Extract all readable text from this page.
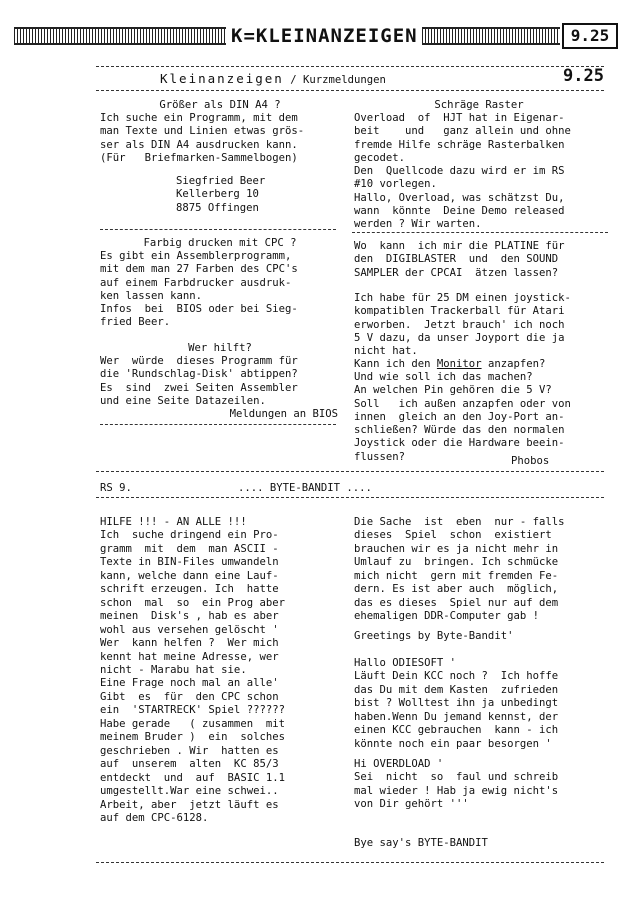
K=KLEINANZEIGEN	9.25
Kleinanzeigen / Kurzmeldungen	9.25
Größer als DIN A4 ?
Ich suche ein Programm, mit dem
man Texte und Linien etwas grös-
ser als DIN A4 ausdrucken kann.
(Für   Briefmarken-Sammelbogen)
Siegfried Beer
Kellerberg 10
8875 Offingen
Farbig drucken mit CPC ?
Es gibt ein Assemblerprogramm,
mit dem man 27 Farben des CPC's
auf einem Farbdrucker ausdruk-
ken lassen kann.
Infos  bei  BIOS oder bei Sieg-
fried Beer.
Wer hilft?
Wer  würde  dieses Programm für
die 'Rundschlag-Disk' abtippen?
Es  sind  zwei Seiten Assembler
und eine Seite Datazeilen.
Meldungen an BIOS
Schräge Raster
Overload  of  HJT hat in Eigenar-
beit    und   ganz allein und ohne
fremde Hilfe schräge Rasterbalken
gecodet.
Den  Quellcode dazu wird er im RS
#10 vorlegen.
Hallo, Overload, was schätzst Du,
wann  könnte  Deine Demo released
werden ? Wir warten.
Wo  kann  ich mir die PLATINE für
den  DIGIBLASTER  und  den SOUND
SAMPLER der CPCAI  ätzen lassen?
Ich habe für 25 DM einen joystick-
kompatiblen Trackerball für Atari
erworben.  Jetzt brauch' ich noch
5 V dazu, da unser Joyport die ja
nicht hat.
Kann ich den Monitor anzapfen?
Und wie soll ich das machen?
An welchen Pin gehören die 5 V?
Soll   ich außen anzapfen oder von
innen  gleich an den Joy-Port an-
schließen? Würde das den normalen
Joystick oder die Hardware beein-
flussen?	Phobos
RS 9.	.... BYTE-BANDIT ....
HILFE !!! - AN ALLE !!!
Ich  suche dringend ein Pro-
gramm  mit  dem  man ASCII -
Texte in BIN-Files umwandeln
kann, welche dann eine Lauf-
schrift erzeugen. Ich  hatte
schon  mal  so  ein Prog aber
meinen  Disk's , hab es aber
wohl aus versehen gelöscht '
Wer  kann helfen ?  Wer mich
kennt hat meine Adresse, wer
nicht - Marabu hat sie.
Eine Frage noch mal an alle'
Gibt  es  für  den CPC schon
ein  'STARTRECK' Spiel ??????
Habe gerade   ( zusammen  mit
meinem Bruder )  ein  solches
geschrieben . Wir  hatten es
auf  unserem  alten  KC 85/3
entdeckt  und  auf  BASIC 1.1
umgestellt.War eine schwei..
Arbeit, aber  jetzt läuft es
auf dem CPC-6128.
Die Sache  ist  eben  nur - falls
dieses  Spiel  schon  existiert
brauchen wir es ja nicht mehr in
Umlauf zu  bringen. Ich schmücke
mich nicht  gern mit fremden Fe-
dern. Es ist aber auch  möglich,
das es dieses  Spiel nur auf dem
ehemaligen DDR-Computer gab !
Greetings by Byte-Bandit'
Hallo ODIESOFT '
Läuft Dein KCC noch ?  Ich hoffe
das Du mit dem Kasten  zufrieden
bist ? Wolltest ihn ja unbedingt
haben.Wenn Du jemand kennst, der
einen KCC gebrauchen  kann - ich
könnte noch ein paar besorgen '
Hi OVERDLOAD '
Sei  nicht  so  faul und schreib
mal wieder ! Hab ja ewig nicht's
von Dir gehört '''
Bye say's BYTE-BANDIT
